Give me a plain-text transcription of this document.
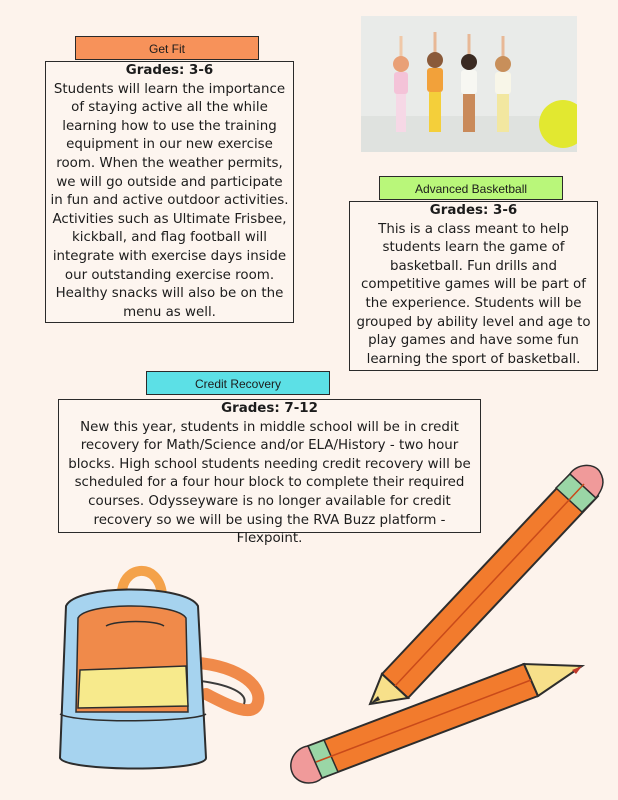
Get Fit
Grades: 3-6
Students will learn the importance of staying active all the while learning how to use the training equipment in our new exercise room. When the weather permits, we will go outside and participate in fun and active outdoor activities. Activities such as Ultimate Frisbee, kickball, and flag football will integrate with exercise days inside our outstanding exercise room. Healthy snacks will also be on the menu as well.
Advanced Basketball
Grades: 3-6
This is a class meant to help students learn the game of basketball. Fun drills and competitive games will be part of the experience. Students will be grouped by ability level and age to play games and have some fun learning the sport of basketball.
Credit Recovery
Grades: 7-12
New this year, students in middle school will be in credit recovery for Math/Science and/or ELA/History - two hour blocks. High school students needing credit recovery will be scheduled for a four hour block to complete their required courses. Odysseyware is no longer available for credit recovery so we will be using the RVA Buzz platform - Flexpoint.
